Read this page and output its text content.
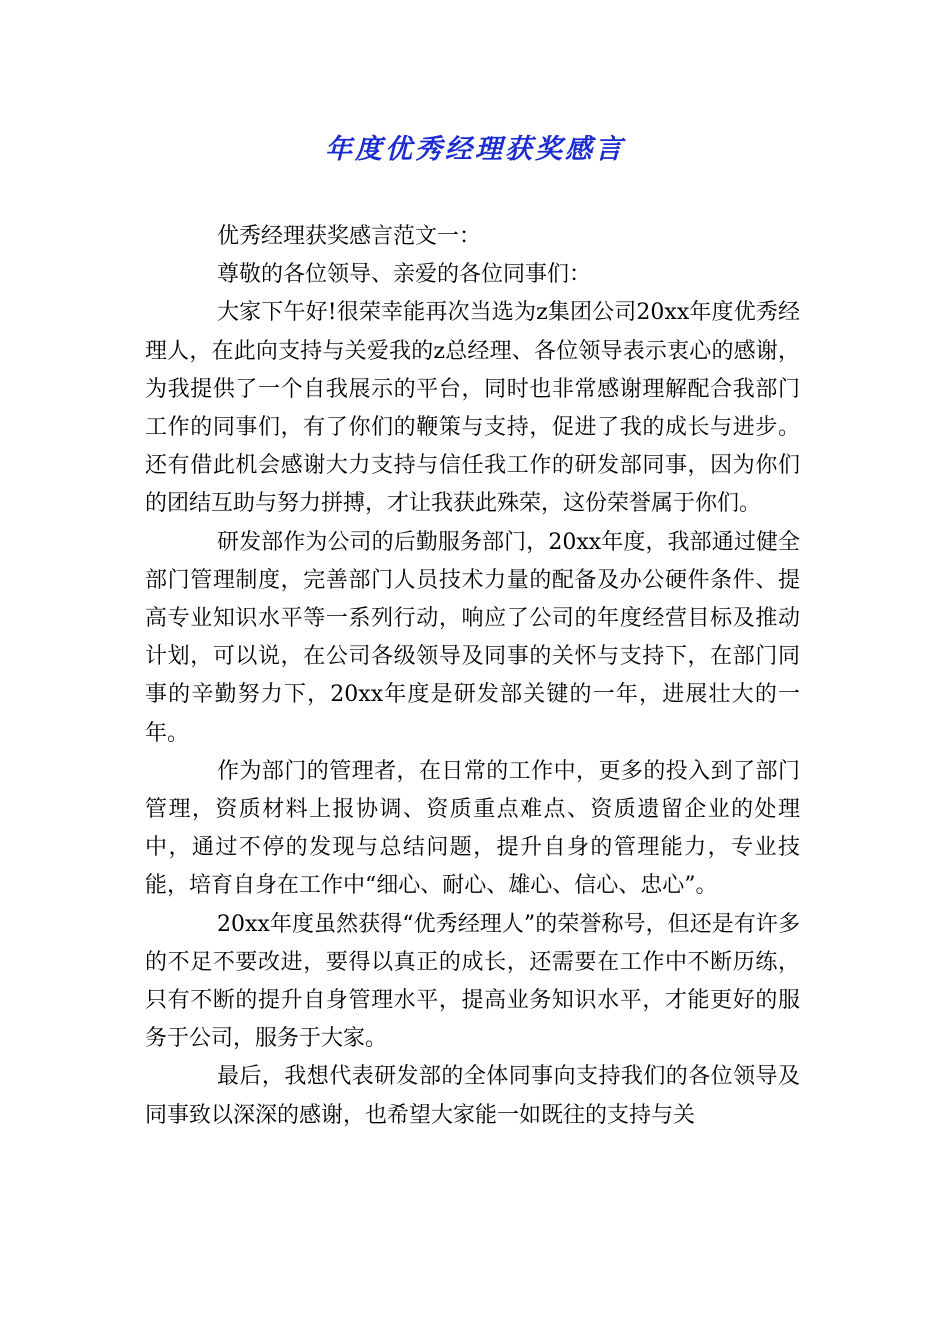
年度优秀经理获奖感言

优秀经理获奖感言范文一：

尊敬的各位领导、亲爱的各位同事们：

大家下午好!很荣幸能再次当选为z集团公司20xx年度优秀经理人，在此向支持与关爱我的z总经理、各位领导表示衷心的感谢，为我提供了一个自我展示的平台，同时也非常感谢理解配合我部门工作的同事们，有了你们的鞭策与支持，促进了我的成长与进步。还有借此机会感谢大力支持与信任我工作的研发部同事，因为你们的团结互助与努力拼搏，才让我获此殊荣，这份荣誉属于你们。

研发部作为公司的后勤服务部门，20xx年度，我部通过健全部门管理制度，完善部门人员技术力量的配备及办公硬件条件、提高专业知识水平等一系列行动，响应了公司的年度经营目标及推动计划，可以说，在公司各级领导及同事的关怀与支持下，在部门同事的辛勤努力下，20xx年度是研发部关键的一年，进展壮大的一年。

作为部门的管理者，在日常的工作中，更多的投入到了部门管理，资质材料上报协调、资质重点难点、资质遗留企业的处理中，通过不停的发现与总结问题，提升自身的管理能力，专业技能，培育自身在工作中“细心、耐心、雄心、信心、忠心”。

20xx年度虽然获得“优秀经理人”的荣誉称号，但还是有许多的不足不要改进，要得以真正的成长，还需要在工作中不断历练，只有不断的提升自身管理水平，提高业务知识水平，才能更好的服务于公司，服务于大家。

最后，我想代表研发部的全体同事向支持我们的各位领导及同事致以深深的感谢，也希望大家能一如既往的支持与关
